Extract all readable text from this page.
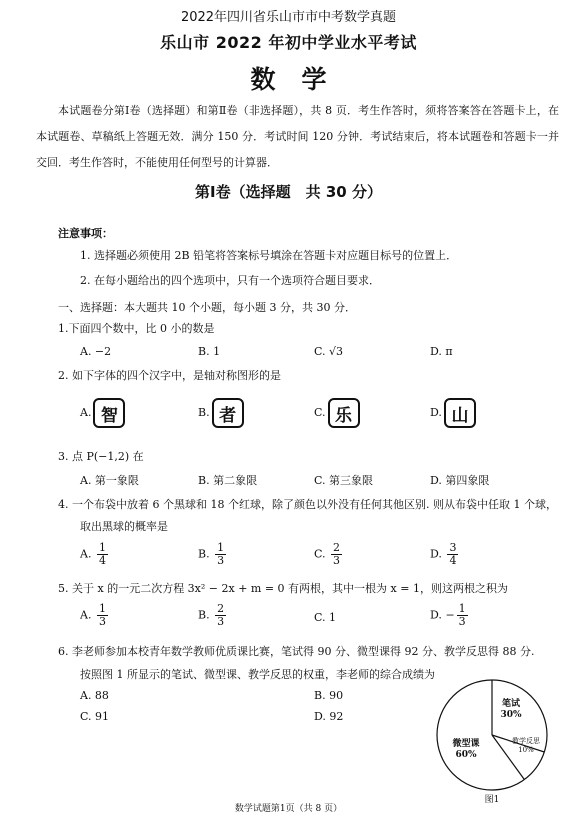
2022年四川省乐山市市中考数学真题
乐山市 2022 年初中学业水平考试
数学
本试题卷分第Ⅰ卷（选择题）和第Ⅱ卷（非选择题），共 8 页．考生作答时，须将答案答在答题卡上，在本试题卷、草稿纸上答题无效．满分 150 分．考试时间 120 分钟．考试结束后，将本试题卷和答题卡一并交回．考生作答时，不能使用任何型号的计算器．
第Ⅰ卷（选择题　共 30 分）
注意事项：
1. 选择题必须使用 2B 铅笔将答案标号填涂在答题卡对应题目标号的位置上．
2. 在每小题给出的四个选项中，只有一个选项符合题目要求．
一、选择题：本大题共 10 个小题，每小题 3 分，共 30 分．
1.下面四个数中，比 0 小的数是
A. −2	B. 1	C. √3	D. π
2. 如下字体的四个汉字中，是轴对称图形的是
A. 智	B. 者	C. 乐	D. 山
3. 点 P(−1,2) 在
A. 第一象限	B. 第二象限	C. 第三象限	D. 第四象限
4. 一个布袋中放着 6 个黑球和 18 个红球，除了颜色以外没有任何其他区别. 则从布袋中任取 1 个球，
取出黑球的概率是
A. $\frac{1}{4}$	B. $\frac{1}{3}$	C. $\frac{2}{3}$	D. $\frac{3}{4}$
5. 关于 x 的一元二次方程 3x² − 2x + m = 0 有两根，其中一根为 x = 1，则这两根之积为
A. $\frac{1}{3}$	B. $\frac{2}{3}$	C. 1	D. − $\frac{1}{3}$
6. 李老师参加本校青年数学教师优质课比赛，笔试得 90 分、微型课得 92 分、教学反思得 88 分.
按照图 1 所显示的笔试、微型课、教学反思的权重，李老师的综合成绩为
A. 88	B. 90
C. 91	D. 92
笔试
30%
教学反思
10%
微型课
60%
图1
数学试题第1页（共 8 页）
